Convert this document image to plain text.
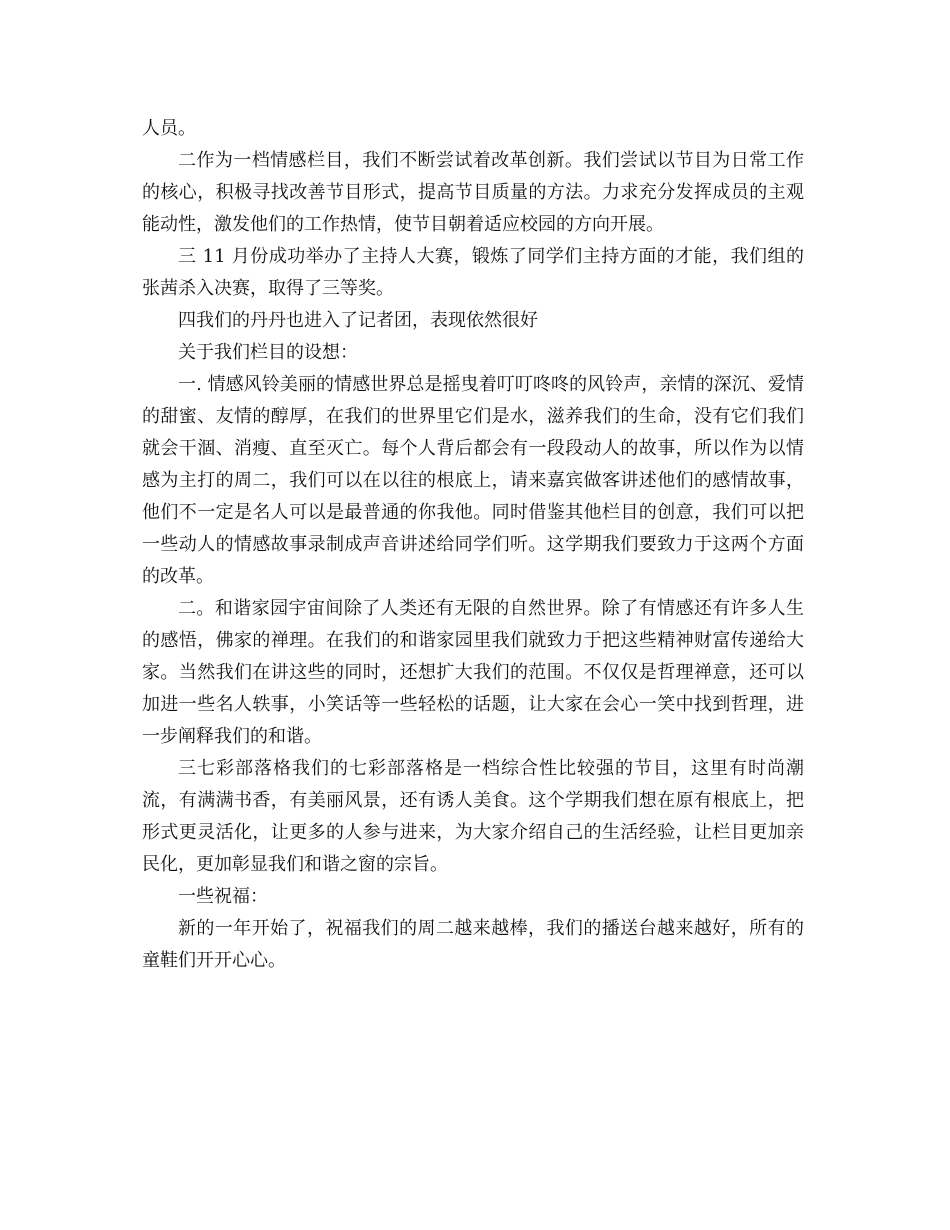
人员。

二作为一档情感栏目，我们不断尝试着改革创新。我们尝试以节目为日常工作的核心，积极寻找改善节目形式，提高节目质量的方法。力求充分发挥成员的主观能动性，激发他们的工作热情，使节目朝着适应校园的方向开展。

三 11 月份成功举办了主持人大赛，锻炼了同学们主持方面的才能，我们组的张茜杀入决赛，取得了三等奖。

四我们的丹丹也进入了记者团，表现依然很好

关于我们栏目的设想：

一. 情感风铃美丽的情感世界总是摇曳着叮叮咚咚的风铃声，亲情的深沉、爱情的甜蜜、友情的醇厚，在我们的世界里它们是水，滋养我们的生命，没有它们我们就会干涸、消瘦、直至灭亡。每个人背后都会有一段段动人的故事，所以作为以情感为主打的周二，我们可以在以往的根底上，请来嘉宾做客讲述他们的感情故事，他们不一定是名人可以是最普通的你我他。同时借鉴其他栏目的创意，我们可以把一些动人的情感故事录制成声音讲述给同学们听。这学期我们要致力于这两个方面的改革。

二。和谐家园宇宙间除了人类还有无限的自然世界。除了有情感还有许多人生的感悟，佛家的禅理。在我们的和谐家园里我们就致力于把这些精神财富传递给大家。当然我们在讲这些的同时，还想扩大我们的范围。不仅仅是哲理禅意，还可以加进一些名人轶事，小笑话等一些轻松的话题，让大家在会心一笑中找到哲理，进一步阐释我们的和谐。

三七彩部落格我们的七彩部落格是一档综合性比较强的节目，这里有时尚潮流，有满满书香，有美丽风景，还有诱人美食。这个学期我们想在原有根底上，把形式更灵活化，让更多的人参与进来，为大家介绍自己的生活经验，让栏目更加亲民化，更加彰显我们和谐之窗的宗旨。

一些祝福：

新的一年开始了，祝福我们的周二越来越棒，我们的播送台越来越好，所有的童鞋们开开心心。
